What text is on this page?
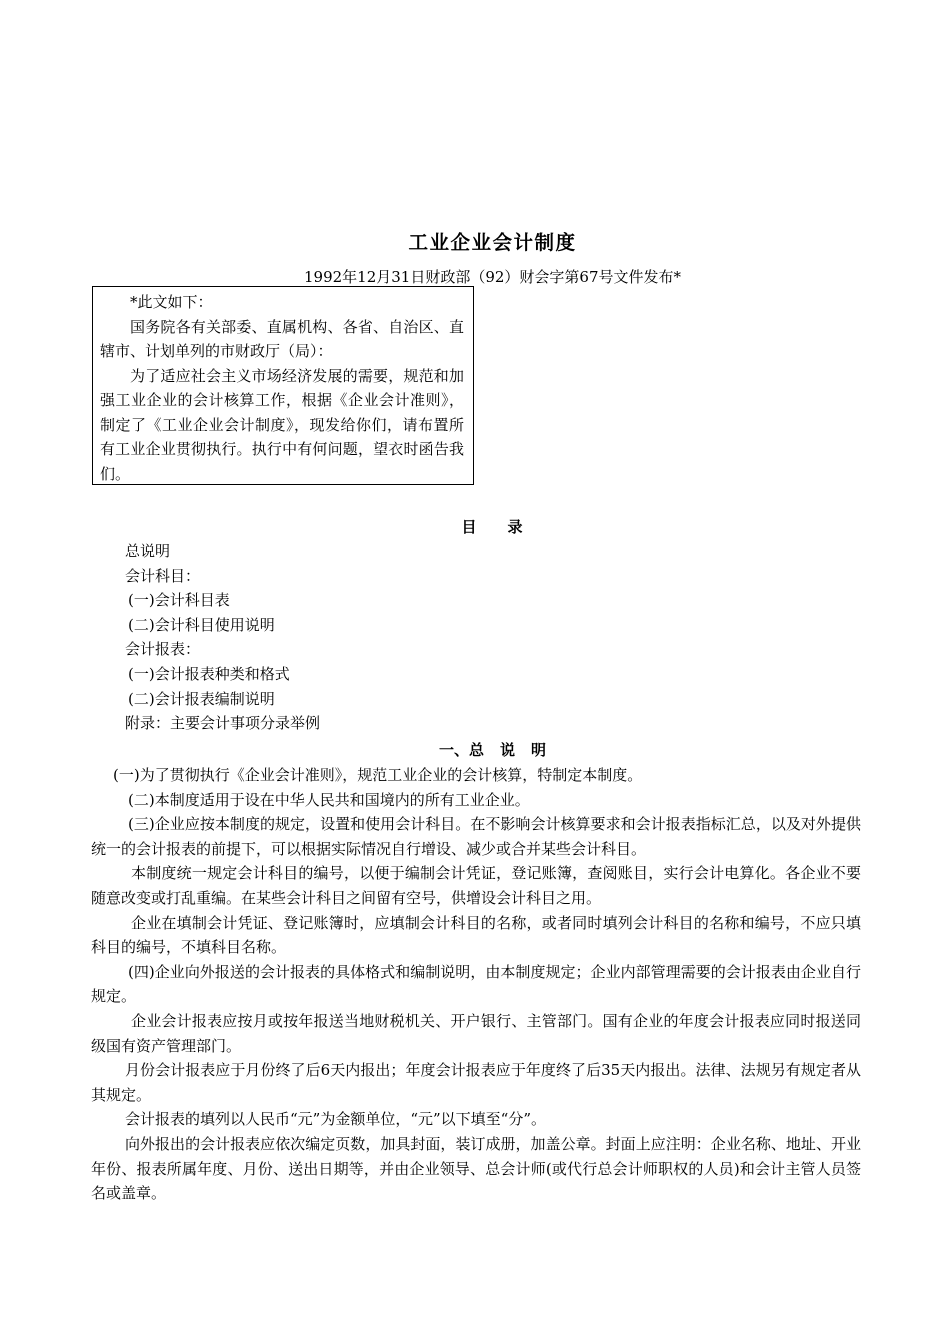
工业企业会计制度
1992年12月31日财政部（92）财会字第67号文件发布*

*此文如下：

国务院各有关部委、直属机构、各省、自治区、直辖市、计划单列的市财政厅（局）：

为了适应社会主义市场经济发展的需要，规范和加强工业企业的会计核算工作，根据《企业会计准则》，制定了《工业企业会计制度》，现发给你们，请布置所有工业企业贯彻执行。执行中有何问题，望衣时函告我们。

目 录
总说明
会计科目：
(一)会计科目表
(二)会计科目使用说明
会计报表：
(一)会计报表种类和格式
(二)会计报表编制说明
附录：主要会计事项分录举例
一、总 说 明

(一)为了贯彻执行《企业会计准则》，规范工业企业的会计核算，特制定本制度。

(二)本制度适用于设在中华人民共和国境内的所有工业企业。

(三)企业应按本制度的规定，设置和使用会计科目。在不影响会计核算要求和会计报表指标汇总，以及对外提供统一的会计报表的前提下，可以根据实际情况自行增设、减少或合并某些会计科目。

本制度统一规定会计科目的编号，以便于编制会计凭证，登记账簿，查阅账目，实行会计电算化。各企业不要随意改变或打乱重编。在某些会计科目之间留有空号，供增设会计科目之用。

企业在填制会计凭证、登记账簿时，应填制会计科目的名称，或者同时填列会计科目的名称和编号，不应只填科目的编号，不填科目名称。

(四)企业向外报送的会计报表的具体格式和编制说明，由本制度规定；企业内部管理需要的会计报表由企业自行规定。

企业会计报表应按月或按年报送当地财税机关、开户银行、主管部门。国有企业的年度会计报表应同时报送同级国有资产管理部门。

月份会计报表应于月份终了后6天内报出；年度会计报表应于年度终了后35天内报出。法律、法规另有规定者从其规定。

会计报表的填列以人民币“元”为金额单位，“元”以下填至“分”。

向外报出的会计报表应依次编定页数，加具封面，装订成册，加盖公章。封面上应注明：企业名称、地址、开业年份、报表所属年度、月份、送出日期等，并由企业领导、总会计师(或代行总会计师职权的人员)和会计主管人员签名或盖章。
